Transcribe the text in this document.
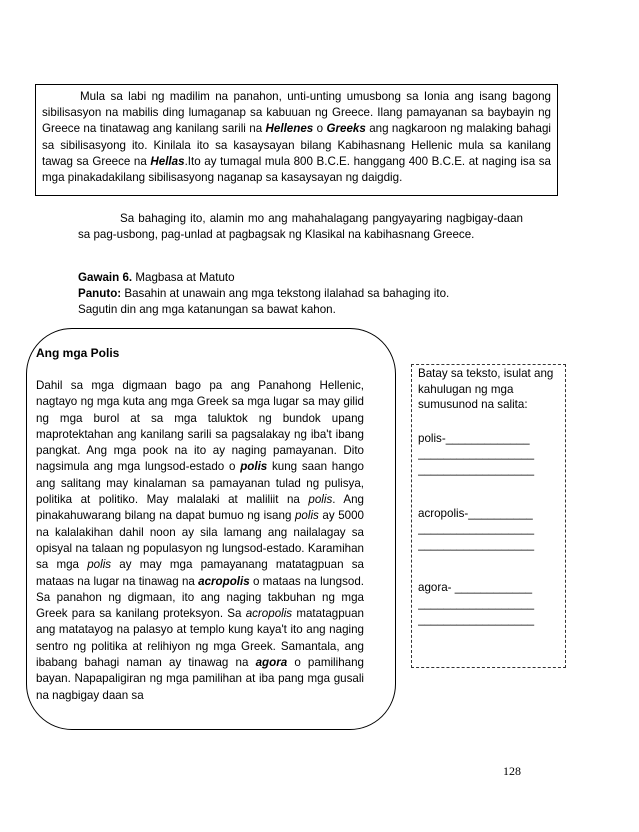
Mula sa labi ng madilim na panahon, unti-unting umusbong sa Ionia ang isang bagong sibilisasyon na mabilis ding lumaganap sa kabuuan ng Greece. Ilang pamayanan sa baybayin ng Greece na tinatawag ang kanilang sarili na Hellenes o Greeks ang nagkaroon ng malaking bahagi sa sibilisasyong ito. Kinilala ito sa kasaysayan bilang Kabihasnang Hellenic mula sa kanilang tawag sa Greece na Hellas.Ito ay tumagal mula 800 B.C.E. hanggang 400 B.C.E. at naging isa sa mga pinakadakilang sibilisasyong naganap sa kasaysayan ng daigdig.

Sa bahaging ito, alamin mo ang mahahalagang pangyayaring nagbigay-daan sa pag-usbong, pag-unlad at pagbagsak ng Klasikal na kabihasnang Greece.

Gawain 6. Magbasa at Matuto
Panuto: Basahin at unawain ang mga tekstong ilalahad sa bahaging ito.
Sagutin din ang mga katanungan sa bawat kahon.
Ang mga Polis

Dahil sa mga digmaan bago pa ang Panahong Hellenic, nagtayo ng mga kuta ang mga Greek sa mga lugar sa may gilid ng mga burol at sa mga taluktok ng bundok upang maprotektahan ang kanilang sarili sa pagsalakay ng iba't ibang pangkat. Ang mga pook na ito ay naging pamayanan. Dito nagsimula ang mga lungsod-estado o polis kung saan hango ang salitang may kinalaman sa pamayanan tulad ng pulisya, politika at politiko. May malalaki at maliliit na polis. Ang pinakahuwarang bilang na dapat bumuo ng isang polis ay 5000 na kalalakihan dahil noon ay sila lamang ang nailalagay sa opisyal na talaan ng populasyon ng lungsod-estado. Karamihan sa mga polis ay may mga pamayanang matatagpuan sa mataas na lugar na tinawag na acropolis o mataas na lungsod. Sa panahon ng digmaan, ito ang naging takbuhan ng mga Greek para sa kanilang proteksyon. Sa acropolis matatagpuan ang matatayog na palasyo at templo kung kaya't ito ang naging sentro ng politika at relihiyon ng mga Greek. Samantala, ang ibabang bahagi naman ay tinawag na agora o pamilihang bayan. Napapaligiran ng mga pamilihan at iba pang mga gusali na nagbigay daan sa

Batay sa teksto, isulat ang kahulugan ng mga sumusunod na salita:

polis-_____________
__________________
__________________
acropolis-__________
__________________
__________________
agora- ____________
__________________
__________________
128
